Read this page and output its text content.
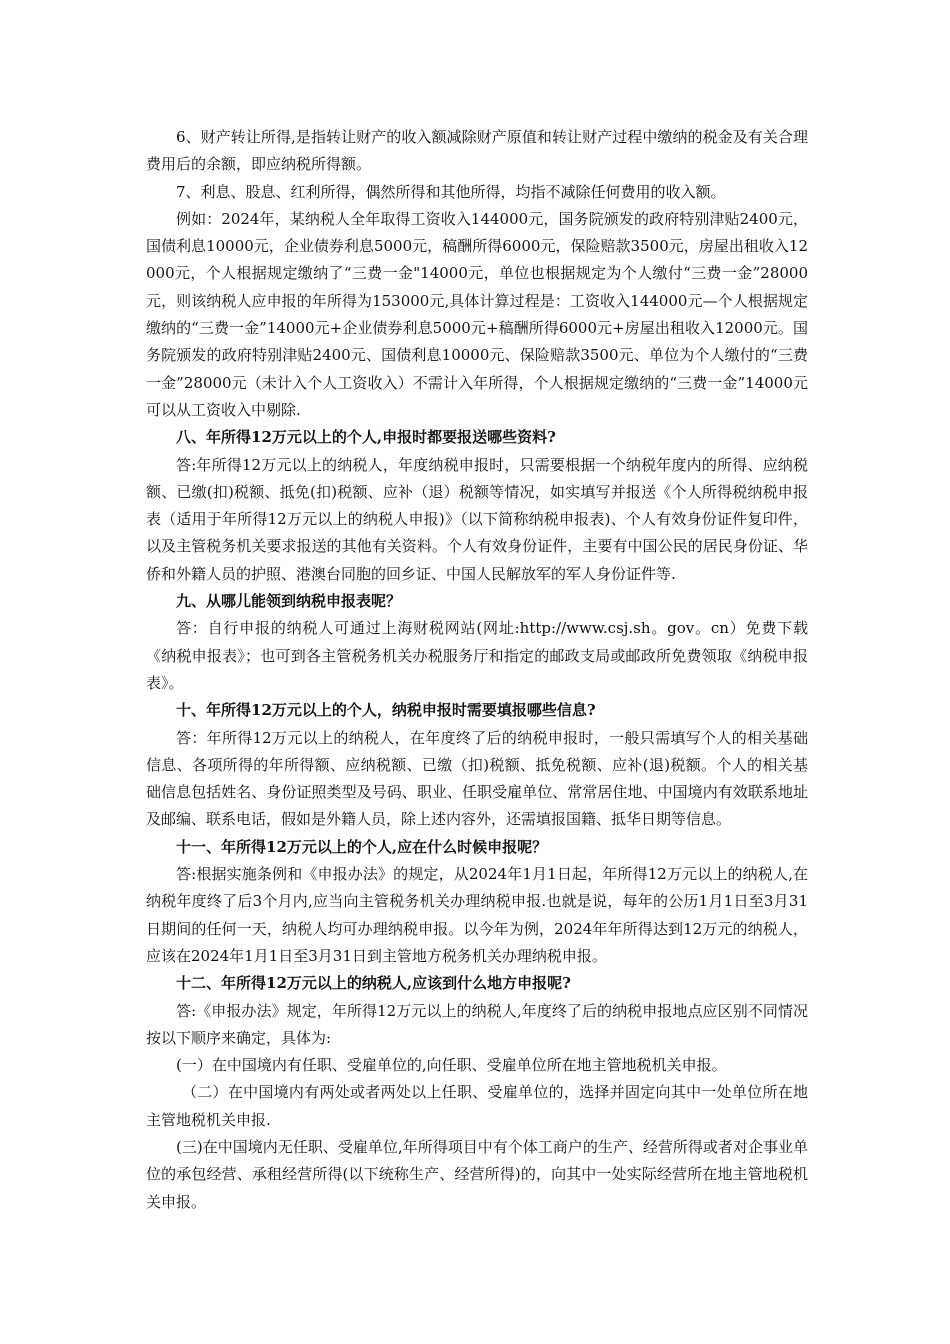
6、财产转让所得,是指转让财产的收入额减除财产原值和转让财产过程中缴纳的税金及有关合理费用后的余额，即应纳税所得额。

7、利息、股息、红利所得，偶然所得和其他所得，均指不减除任何费用的收入额。

例如：2024年，某纳税人全年取得工资收入144000元，国务院颁发的政府特别津贴2400元，国债利息10000元，企业债券利息5000元，稿酬所得6000元，保险赔款3500元，房屋出租收入12000元，个人根据规定缴纳了“三费一金"14000元，单位也根据规定为个人缴付“三费一金”28000元，则该纳税人应申报的年所得为153000元,具体计算过程是：工资收入144000元—个人根据规定缴纳的“三费一金”14000元+企业债券利息5000元+稿酬所得6000元+房屋出租收入12000元。国务院颁发的政府特别津贴2400元、国债利息10000元、保险赔款3500元、单位为个人缴付的“三费一金”28000元（未计入个人工资收入）不需计入年所得，个人根据规定缴纳的“三费一金”14000元可以从工资收入中剔除.

八、年所得12万元以上的个人,申报时都要报送哪些资料?

答:年所得12万元以上的纳税人，年度纳税申报时，只需要根据一个纳税年度内的所得、应纳税额、已缴(扣)税额、抵免(扣)税额、应补（退）税额等情况，如实填写并报送《个人所得税纳税申报表（适用于年所得12万元以上的纳税人申报)》（以下简称纳税申报表)、个人有效身份证件复印件，以及主管税务机关要求报送的其他有关资料。个人有效身份证件，主要有中国公民的居民身份证、华侨和外籍人员的护照、港澳台同胞的回乡证、中国人民解放军的军人身份证件等.

九、从哪儿能领到纳税申报表呢？

答：自行申报的纳税人可通过上海财税网站(网址:http://www.csj.sh。gov。cn）免费下载《纳税申报表》；也可到各主管税务机关办税服务厅和指定的邮政支局或邮政所免费领取《纳税申报表》。

十、年所得12万元以上的个人，纳税申报时需要填报哪些信息?

答：年所得12万元以上的纳税人，在年度终了后的纳税申报时，一般只需填写个人的相关基础信息、各项所得的年所得额、应纳税额、已缴（扣)税额、抵免税额、应补(退)税额。个人的相关基础信息包括姓名、身份证照类型及号码、职业、任职受雇单位、常常居住地、中国境内有效联系地址及邮编、联系电话，假如是外籍人员，除上述内容外，还需填报国籍、抵华日期等信息。

十一、年所得12万元以上的个人,应在什么时候申报呢？

答:根据实施条例和《申报办法》的规定，从2024年1月1日起，年所得12万元以上的纳税人,在纳税年度终了后3个月内,应当向主管税务机关办理纳税申报.也就是说，每年的公历1月1日至3月31日期间的任何一天，纳税人均可办理纳税申报。以今年为例，2024年年所得达到12万元的纳税人，应该在2024年1月1日至3月31日到主管地方税务机关办理纳税申报。

十二、年所得12万元以上的纳税人,应该到什么地方申报呢?

答:《申报办法》规定，年所得12万元以上的纳税人,年度终了后的纳税申报地点应区别不同情况按以下顺序来确定，具体为:

(一）在中国境内有任职、受雇单位的,向任职、受雇单位所在地主管地税机关申报。

（二）在中国境内有两处或者两处以上任职、受雇单位的，选择并固定向其中一处单位所在地主管地税机关申报.

(三)在中国境内无任职、受雇单位,年所得项目中有个体工商户的生产、经营所得或者对企事业单位的承包经营、承租经营所得(以下统称生产、经营所得)的，向其中一处实际经营所在地主管地税机关申报。
